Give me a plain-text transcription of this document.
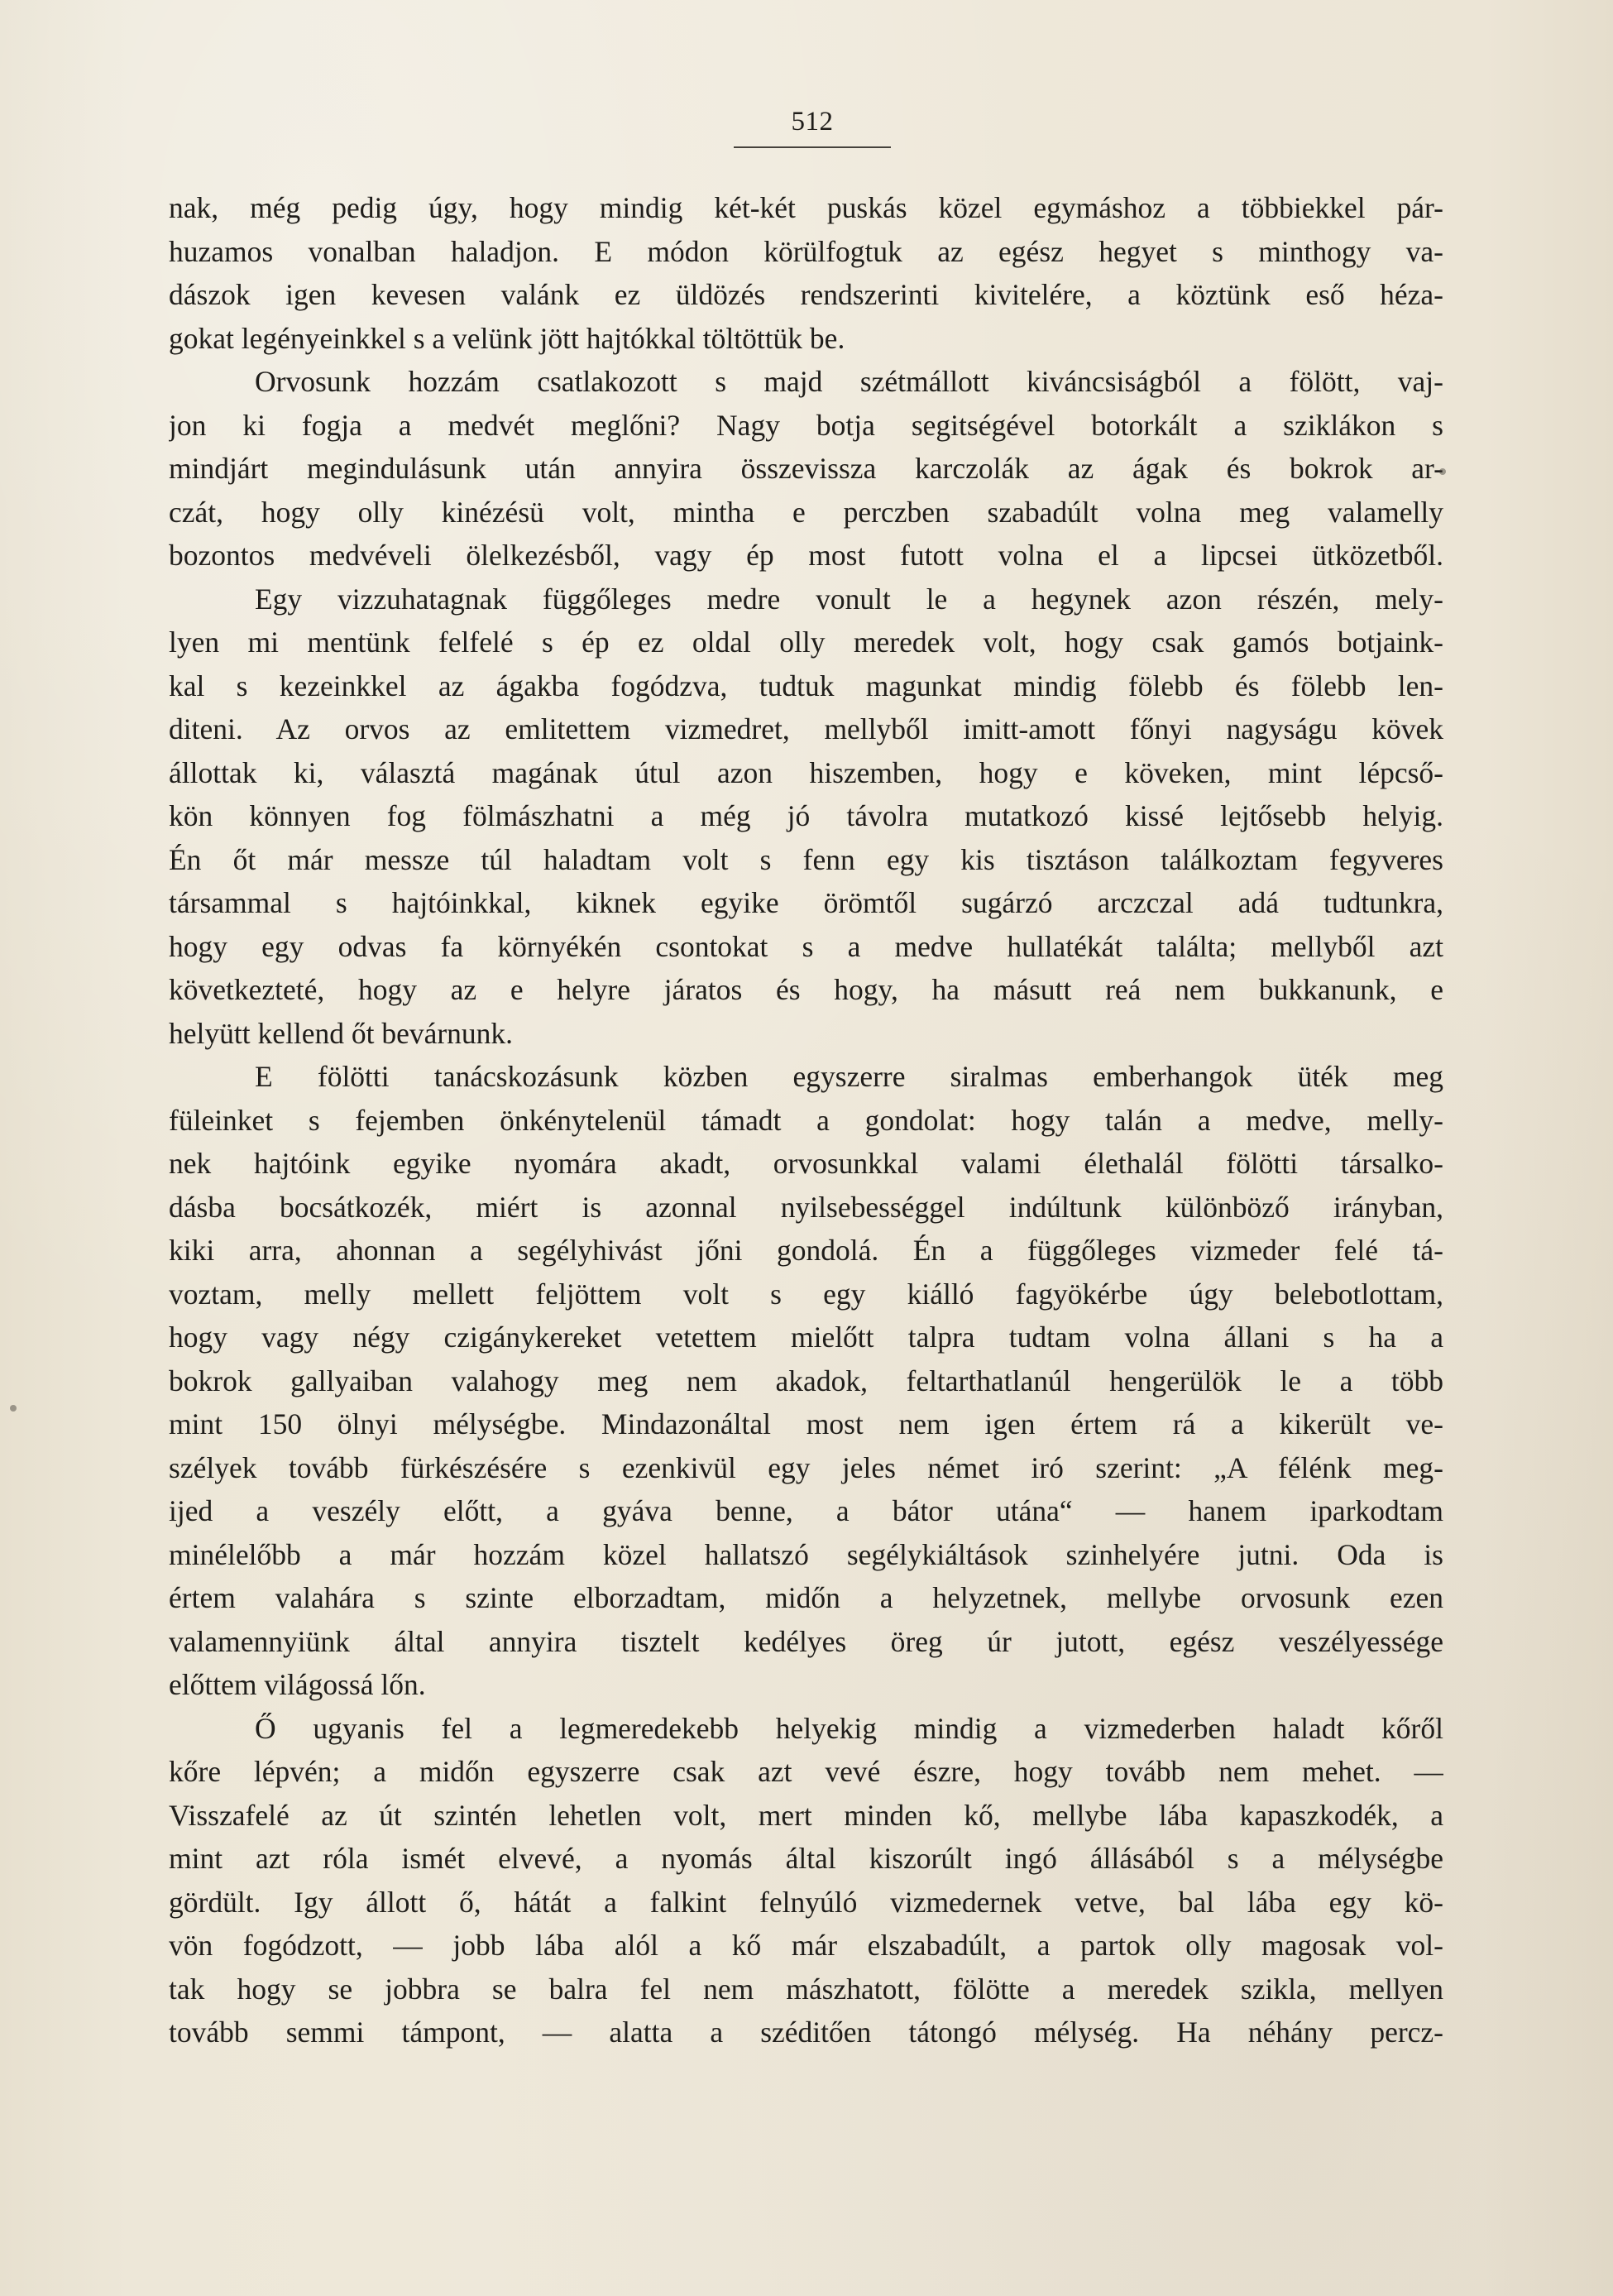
512
nak, még pedig úgy, hogy mindig két-két puskás közel egymáshoz a többiekkel pár-
huzamos vonalban haladjon. E módon körülfogtuk az egész hegyet s minthogy va-
dászok igen kevesen valánk ez üldözés rendszerinti kivitelére, a köztünk eső héza-
gokat legényeinkkel s a velünk jött hajtókkal töltöttük be.
Orvosunk hozzám csatlakozott s majd szétmállott kiváncsiságból a fölött, vaj-
jon ki fogja a medvét meglőni? Nagy botja segitségével botorkált a sziklákon s
mindjárt megindulásunk után annyira összevissza karczolák az ágak és bokrok ar-
czát, hogy olly kinézésü volt, mintha e perczben szabadúlt volna meg valamelly
bozontos medvéveli ölelkezésből, vagy ép most futott volna el a lipcsei ütközetből.
Egy vizzuhatagnak függőleges medre vonult le a hegynek azon részén, mely-
lyen mi mentünk felfelé s ép ez oldal olly meredek volt, hogy csak gamós botjaink-
kal s kezeinkkel az ágakba fogódzva, tudtuk magunkat mindig fölebb és fölebb len-
diteni. Az orvos az emlitettem vizmedret, mellyből imitt-amott főnyi nagyságu kövek
állottak ki, választá magának útul azon hiszemben, hogy e köveken, mint lépcső-
kön könnyen fog fölmászhatni a még jó távolra mutatkozó kissé lejtősebb helyig.
Én őt már messze túl haladtam volt s fenn egy kis tisztáson találkoztam fegyveres
társammal s hajtóinkkal, kiknek egyike örömtől sugárzó arczczal adá tudtunkra,
hogy egy odvas fa környékén csontokat s a medve hullatékát találta; mellyből azt
következteté, hogy az e helyre járatos és hogy, ha másutt reá nem bukkanunk, e
helyütt kellend őt bevárnunk.
E fölötti tanácskozásunk közben egyszerre siralmas emberhangok üték meg
füleinket s fejemben önkénytelenül támadt a gondolat: hogy talán a medve, melly-
nek hajtóink egyike nyomára akadt, orvosunkkal valami élethalál fölötti társalko-
dásba bocsátkozék, miért is azonnal nyilsebességgel indúltunk különböző irányban,
kiki arra, ahonnan a segélyhivást jőni gondolá. Én a függőleges vizmeder felé tá-
voztam, melly mellett feljöttem volt s egy kiálló fagyökérbe úgy belebotlottam,
hogy vagy négy czigánykereket vetettem mielőtt talpra tudtam volna állani s ha a
bokrok gallyaiban valahogy meg nem akadok, feltarthatlanúl hengerülök le a több
mint 150 ölnyi mélységbe. Mindazonáltal most nem igen értem rá a kikerült ve-
szélyek tovább fürkészésére s ezenkivül egy jeles német iró szerint: „A félénk meg-
ijed a veszély előtt, a gyáva benne, a bátor utána“ — hanem iparkodtam
minélelőbb a már hozzám közel hallatszó segélykiáltások szinhelyére jutni. Oda is
értem valahára s szinte elborzadtam, midőn a helyzetnek, mellybe orvosunk ezen
valamennyiünk által annyira tisztelt kedélyes öreg úr jutott, egész veszélyessége
előttem világossá lőn.
Ő ugyanis fel a legmeredekebb helyekig mindig a vizmederben haladt kőről
kőre lépvén; a midőn egyszerre csak azt vevé észre, hogy tovább nem mehet. —
Visszafelé az út szintén lehetlen volt, mert minden kő, mellybe lába kapaszkodék, a
mint azt róla ismét elvevé, a nyomás által kiszorúlt ingó állásából s a mélységbe
gördült. Igy állott ő, hátát a falkint felnyúló vizmedernek vetve, bal lába egy kö-
vön fogódzott, — jobb lába alól a kő már elszabadúlt, a partok olly magosak vol-
tak hogy se jobbra se balra fel nem mászhatott, fölötte a meredek szikla, mellyen
tovább semmi támpont, — alatta a széditően tátongó mélység. Ha néhány percz-
